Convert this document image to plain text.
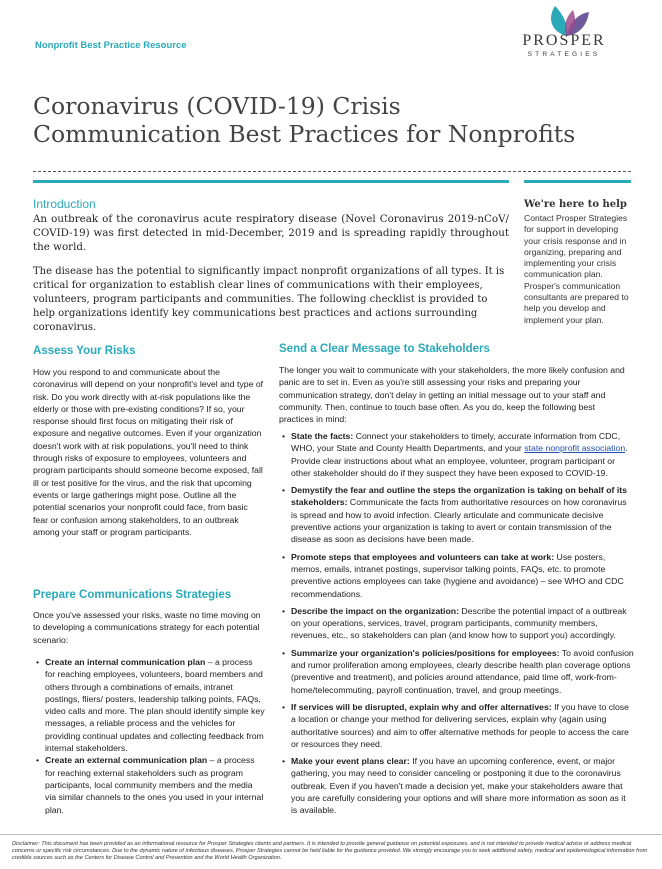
Nonprofit Best Practice Resource	PROSPER
STRATEGIES
Coronavirus (COVID-19) Crisis
Communication Best Practices for Nonprofits
Introduction

An outbreak of the coronavirus acute respiratory disease (Novel Coronavirus 2019-nCoV/ COVID-19) was first detected in mid-December, 2019 and is spreading rapidly throughout the world.

The disease has the potential to significantly impact nonprofit organizations of all types. It is critical for organization to establish clear lines of communications with their employees, volunteers, program participants and communities. The following checklist is provided to help organizations identify key communications best practices and actions surrounding coronavirus.

We're here to help

Contact Prosper Strategies for support in developing your crisis response and in organizing, preparing and implementing your crisis communication plan. Prosper's communication consultants are prepared to help you develop and implement your plan.

Assess Your Risks

How you respond to and communicate about the coronavirus will depend on your nonprofit's level and type of risk. Do you work directly with at-risk populations like the elderly or those with pre-existing conditions? If so, your response should first focus on mitigating their risk of exposure and negative outcomes. Even if your organization doesn't work with at risk populations, you'll need to think through risks of exposure to employees, volunteers and program participants should someone become exposed, fall ill or test positive for the virus, and the risk that upcoming events or large gatherings might pose. Outline all the potential scenarios your nonprofit could face, from basic fear or confusion among stakeholders, to an outbreak among your staff or program participants.

Prepare Communications Strategies

Once you've assessed your risks, waste no time moving on to developing a communications strategy for each potential scenario:

• Create an internal communication plan – a process for reaching employees, volunteers, board members and others through a combinations of emails, intranet postings, fliers/ posters, leadership talking points, FAQs, video calls and more. The plan should identify simple key messages, a reliable process and the vehicles for providing continual updates and collecting feedback from internal stakeholders.
• Create an external communication plan – a process for reaching external stakeholders such as program participants, local community members and the media via similar channels to the ones you used in your internal plan.
Send a Clear Message to Stakeholders

The longer you wait to communicate with your stakeholders, the more likely confusion and panic are to set in. Even as you're still assessing your risks and preparing your communication strategy, don't delay in getting an initial message out to your staff and community. Then, continue to touch base often. As you do, keep the following best practices in mind:

• State the facts: Connect your stakeholders to timely, accurate information from CDC, WHO, your State and County Health Departments, and your state nonprofit association. Provide clear instructions about what an employee, volunteer, program participant or other stakeholder should do if they suspect they have been exposed to COVID-19.
• Demystify the fear and outline the steps the organization is taking on behalf of its stakeholders: Communicate the facts from authoritative resources on how coronavirus is spread and how to avoid infection. Clearly articulate and communicate decisive preventive actions your organization is taking to avert or contain transmission of the disease as soon as decisions have been made.
• Promote steps that employees and volunteers can take at work: Use posters, memos, emails, intranet postings, supervisor talking points, FAQs, etc. to promote preventive actions employees can take (hygiene and avoidance) – see WHO and CDC recommendations.
• Describe the impact on the organization: Describe the potential impact of a outbreak on your operations, services, travel, program participants, community members, revenues, etc., so stakeholders can plan (and know how to support you) accordingly.
• Summarize your organization's policies/positions for employees: To avoid confusion and rumor proliferation among employees, clearly describe health plan coverage options (preventive and treatment), and policies around attendance, paid time off, work-from-home/telecommuting, payroll continuation, travel, and group meetings.
• If services will be disrupted, explain why and offer alternatives: If you have to close a location or change your method for delivering services, explain why (again using authoritative sources) and aim to offer alternative methods for people to access the care or resources they need.
• Make your event plans clear: If you have an upcoming conference, event, or major gathering, you may need to consider canceling or postponing it due to the coronavirus outbreak. Even if you haven't made a decision yet, make your stakeholders aware that you are carefully considering your options and will share more information as soon as it is available.

Disclaimer: This document has been provided as an informational resource for Prosper Strategies clients and partners. It is intended to provide general guidance on potential exposures, and is not intended to provide medical advice or address medical concerns or specific risk circumstances. Due to the dynamic nature of infectious diseases, Prosper Strategies cannot be held liable for the guidance provided. We strongly encourage you to seek additional safety, medical and epidemiological information from credible sources such as the Centers for Disease Control and Prevention and the World Health Organization.
